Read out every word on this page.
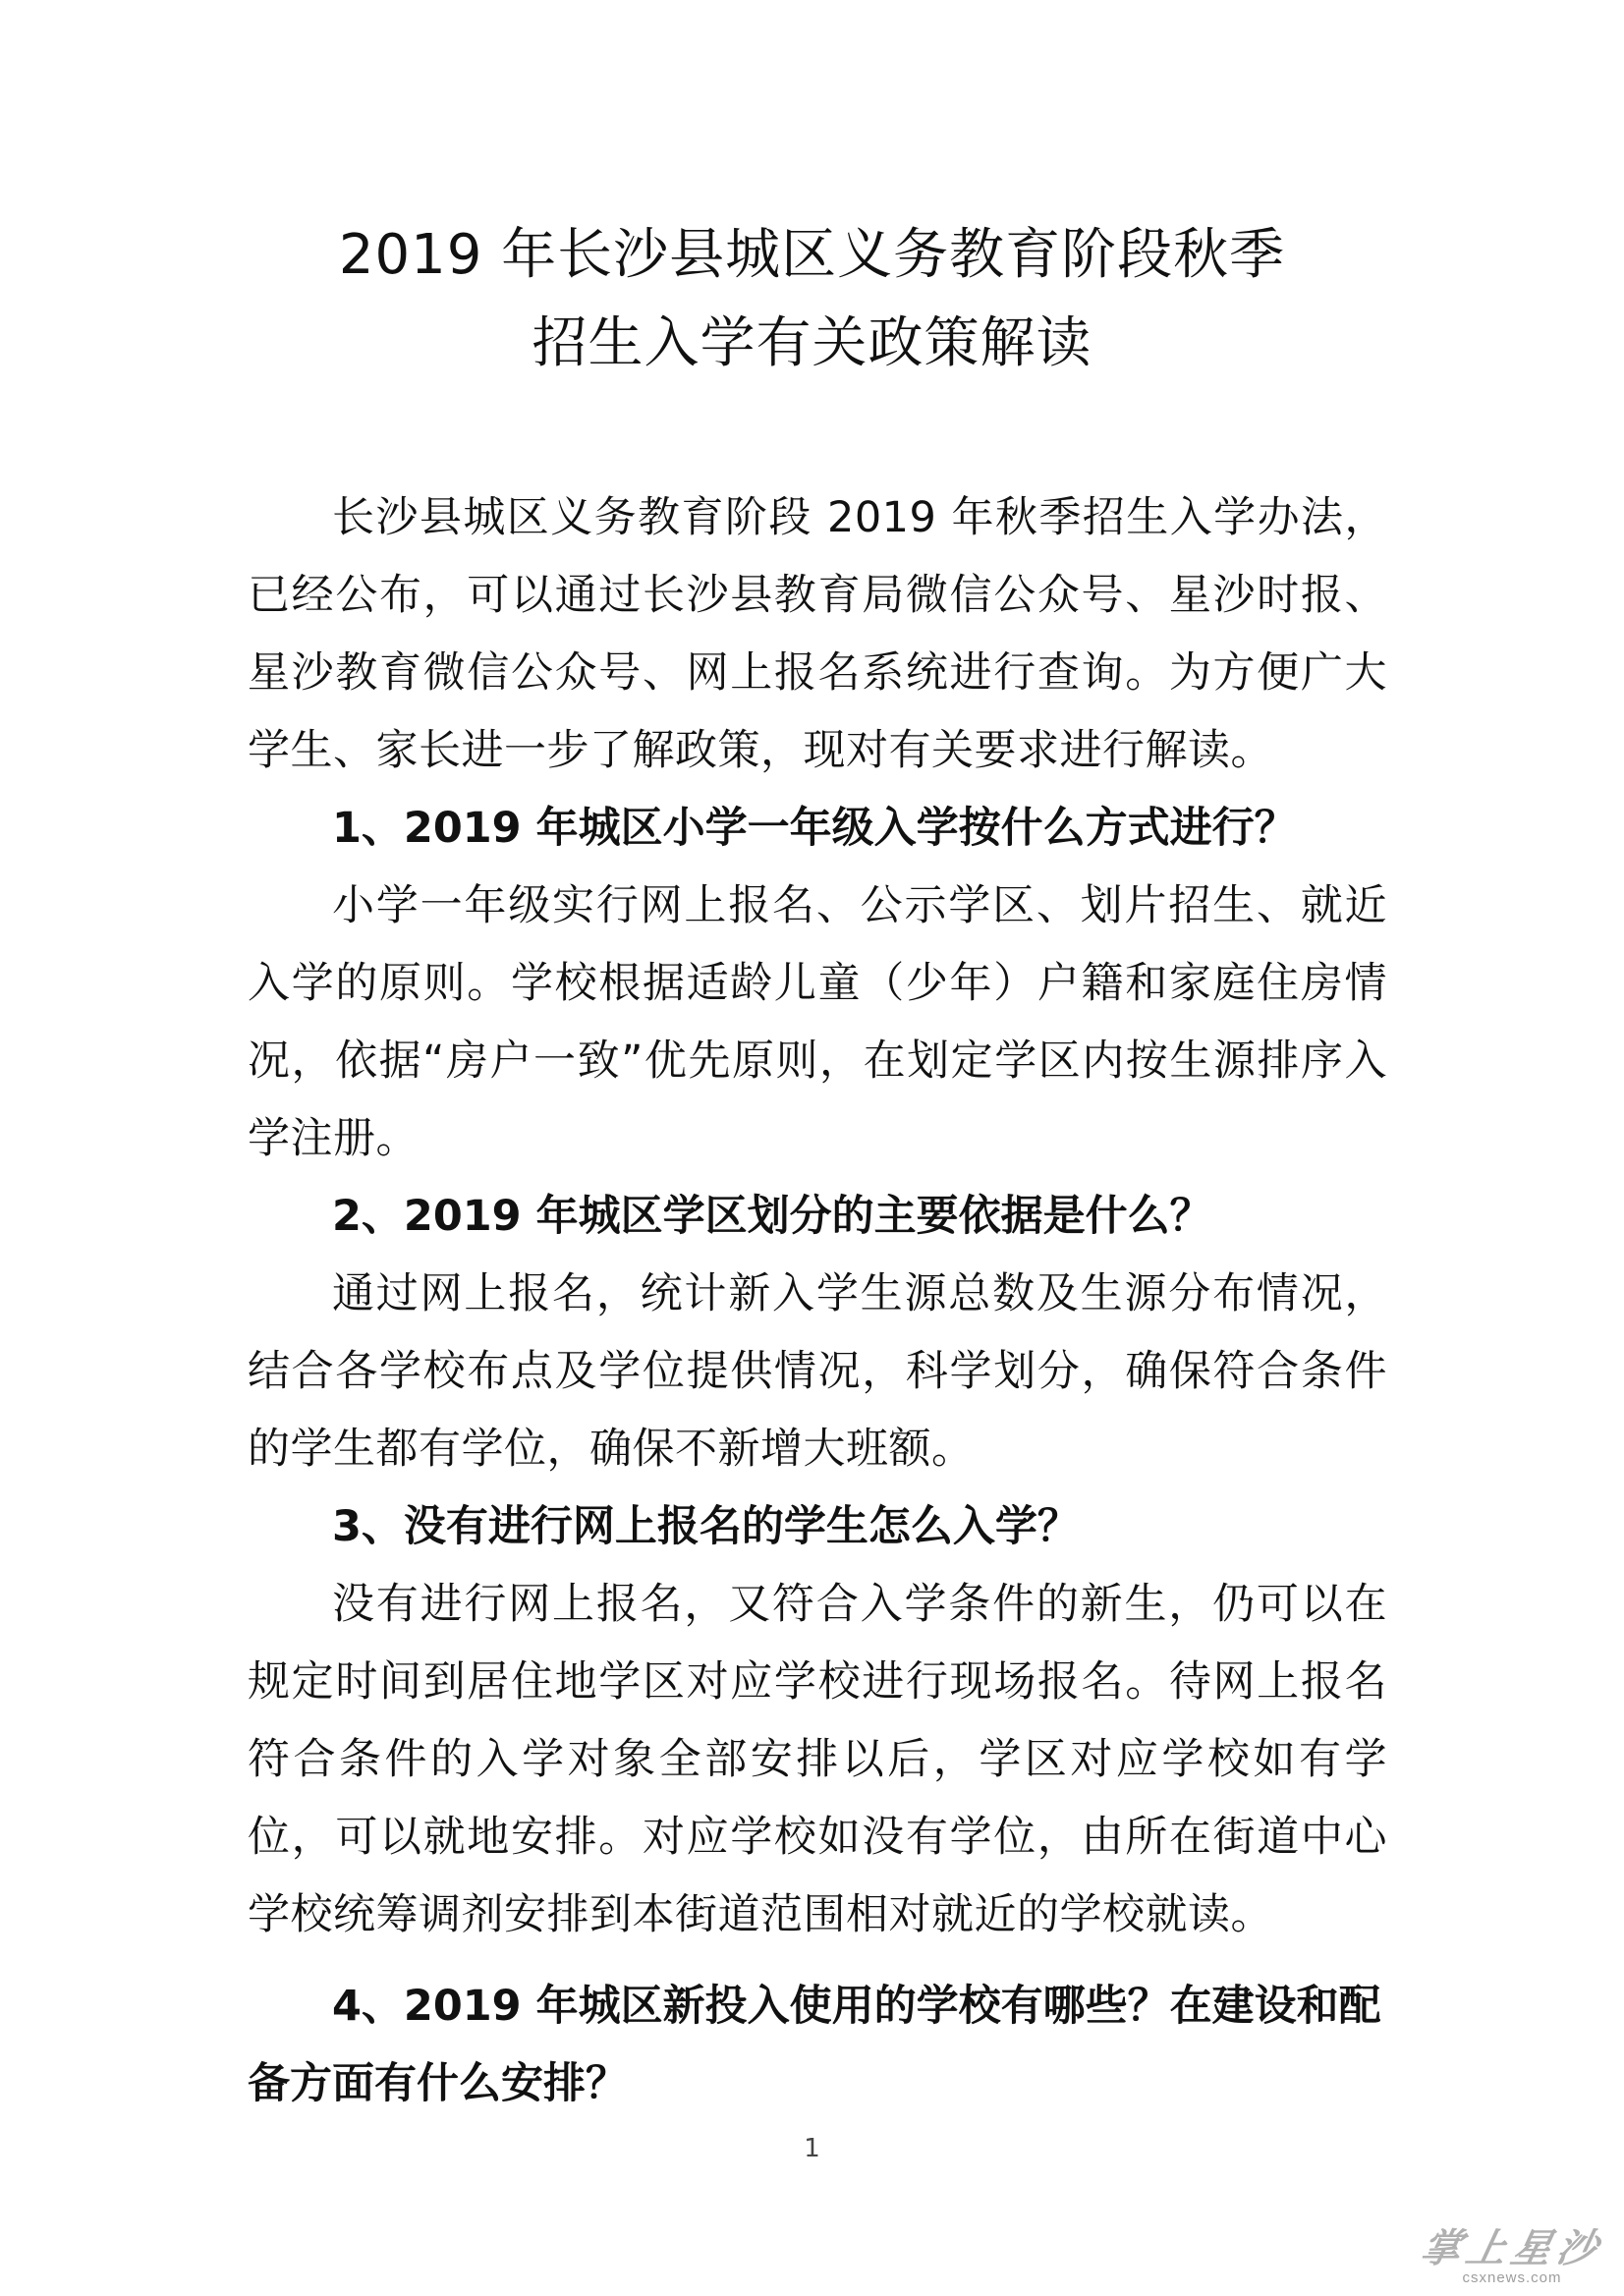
2019 年长沙县城区义务教育阶段秋季

招生入学有关政策解读

长沙县城区义务教育阶段 2019 年秋季招生入学办法，已经公布，可以通过长沙县教育局微信公众号、星沙时报、星沙教育微信公众号、网上报名系统进行查询。为方便广大学生、家长进一步了解政策，现对有关要求进行解读。

1、2019 年城区小学一年级入学按什么方式进行？

小学一年级实行网上报名、公示学区、划片招生、就近入学的原则。学校根据适龄儿童（少年）户籍和家庭住房情况，依据“房户一致”优先原则，在划定学区内按生源排序入学注册。

2、2019 年城区学区划分的主要依据是什么？

通过网上报名，统计新入学生源总数及生源分布情况，结合各学校布点及学位提供情况，科学划分，确保符合条件的学生都有学位，确保不新增大班额。

3、没有进行网上报名的学生怎么入学？

没有进行网上报名，又符合入学条件的新生，仍可以在规定时间到居住地学区对应学校进行现场报名。待网上报名符合条件的入学对象全部安排以后，学区对应学校如有学位，可以就地安排。对应学校如没有学位，由所在街道中心学校统筹调剂安排到本街道范围相对就近的学校就读。

4、2019 年城区新投入使用的学校有哪些？在建设和配备方面有什么安排？

1
掌上星沙
csxnews.com
